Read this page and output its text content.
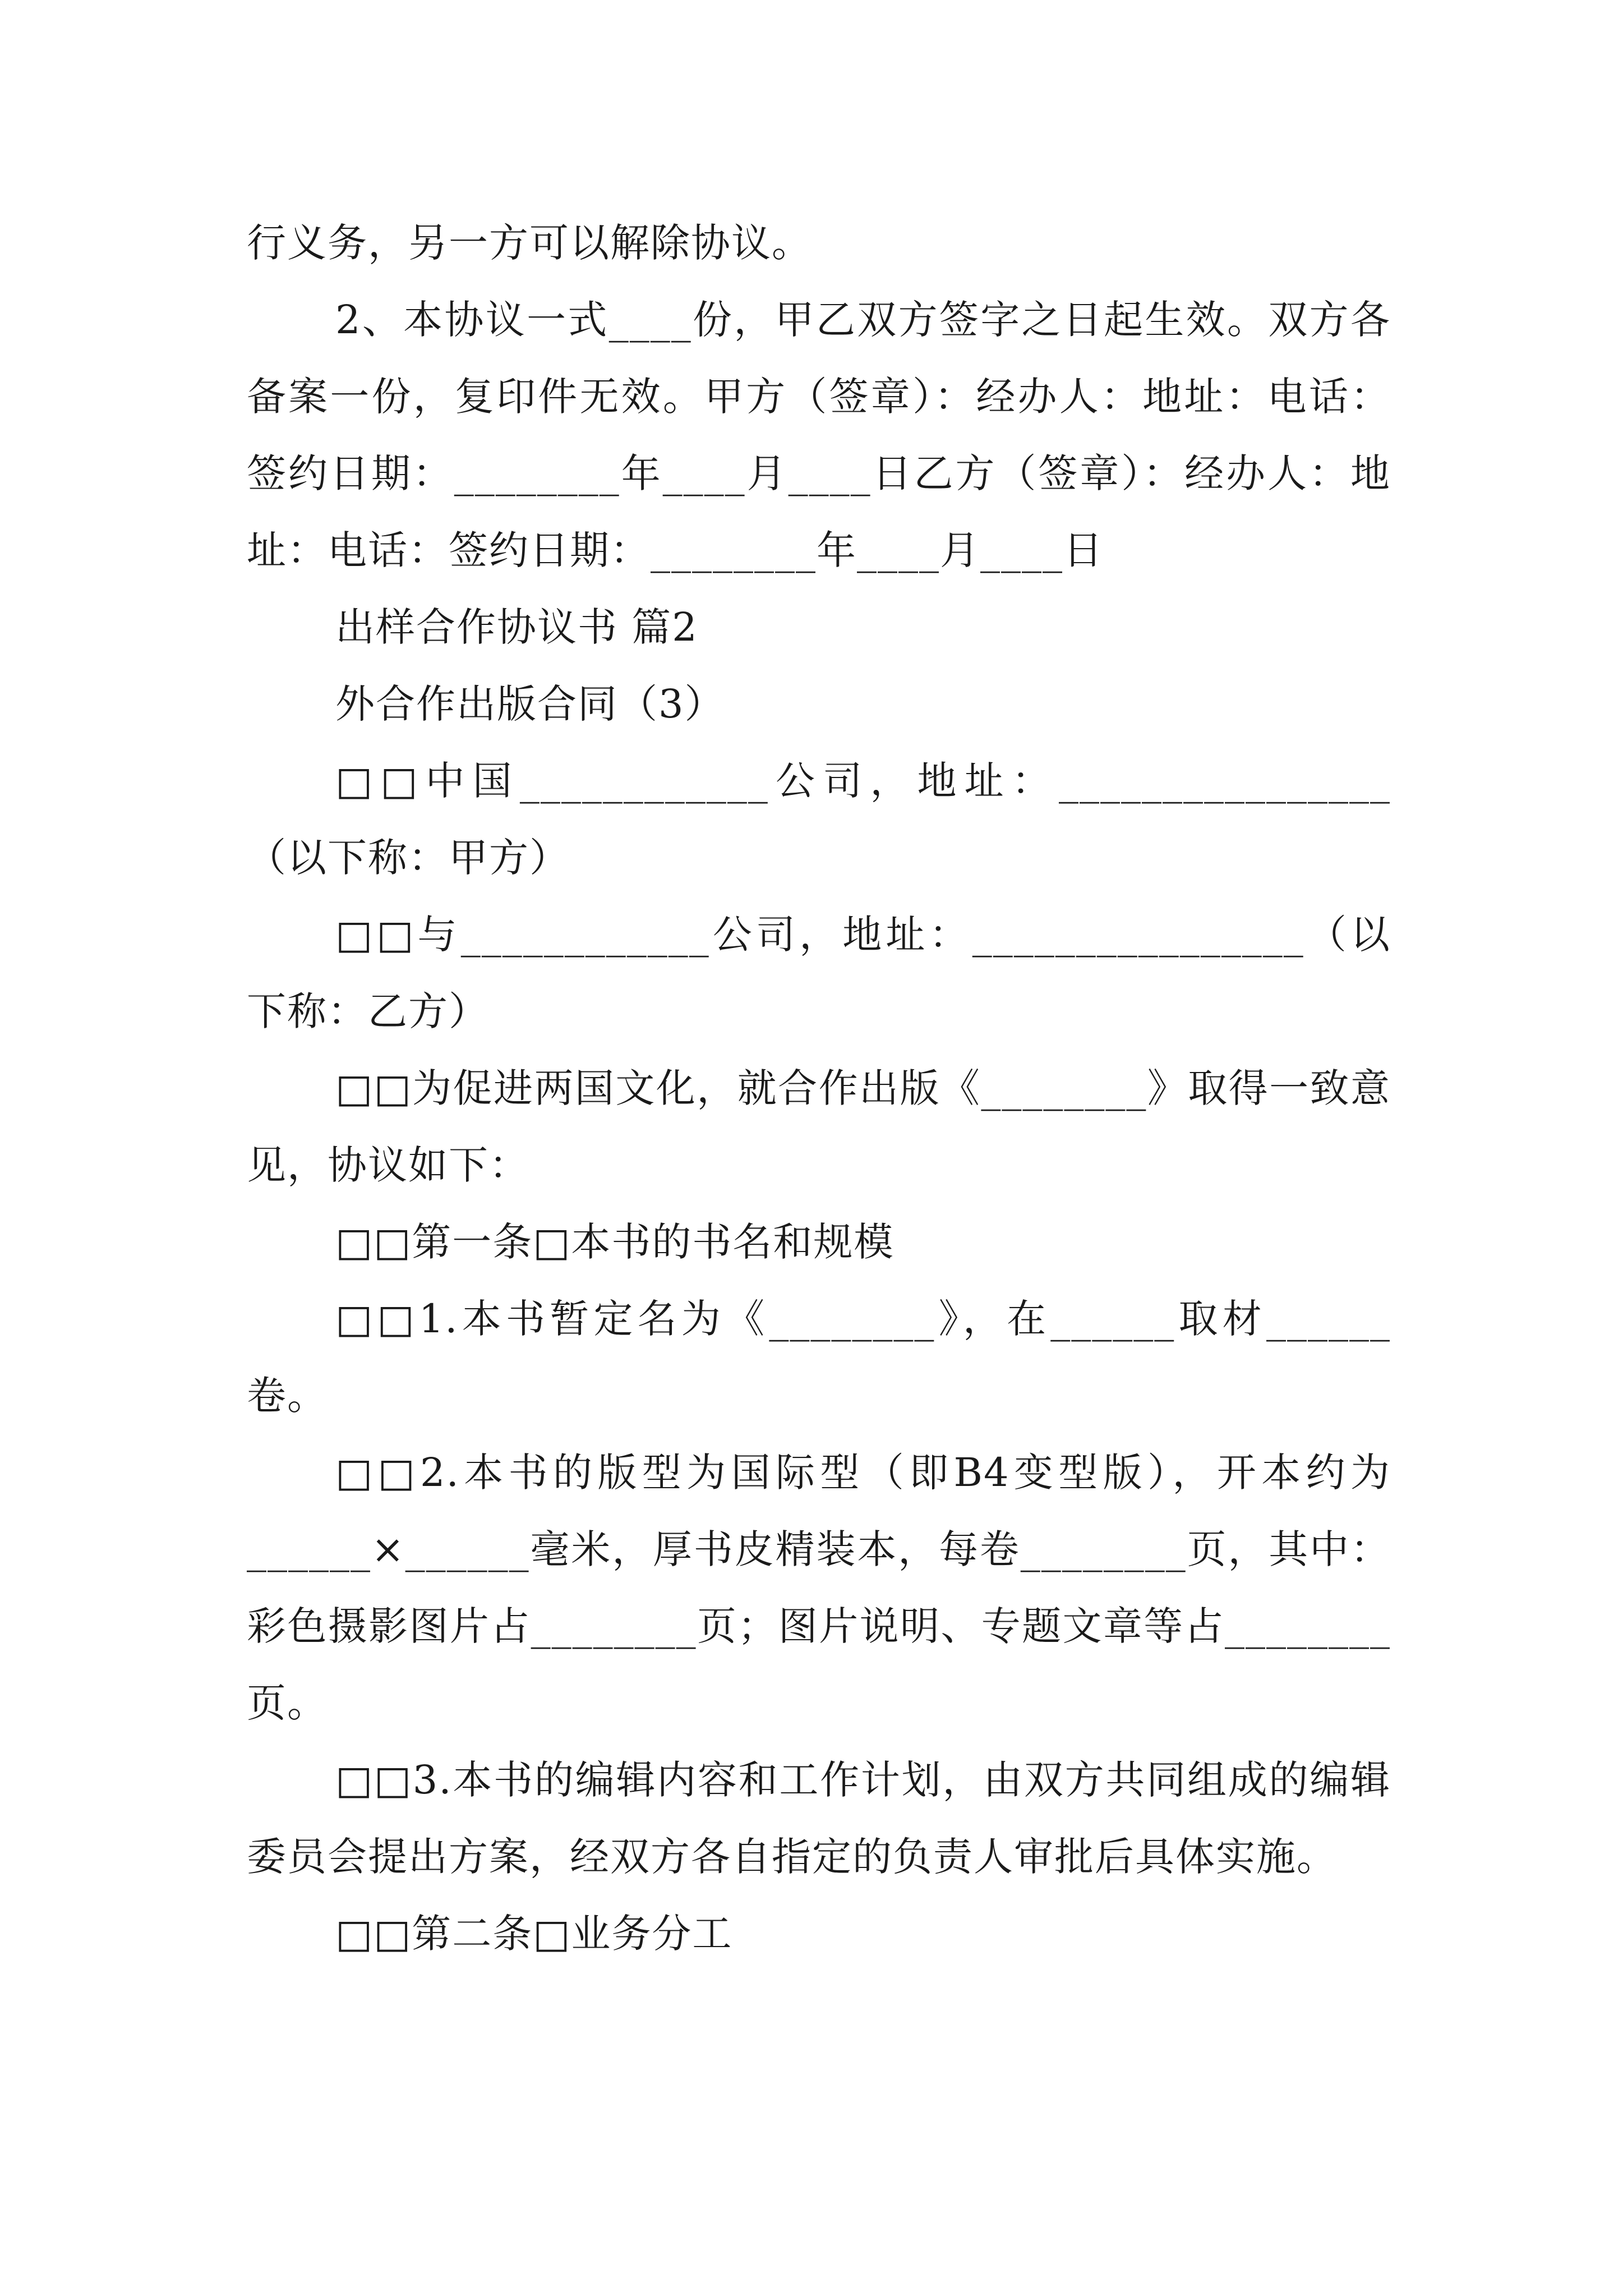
行义务，另一方可以解除协议。

2、本协议一式____份，甲乙双方签字之日起生效。双方各备案一份，复印件无效。甲方（签章）：经办人：地址：电话：签约日期：________年____月____日乙方（签章）：经办人：地址：电话：签约日期：________年____月____日

出样合作协议书 篇2

外合作出版合同（3）

□□中国____________公司，地址：________________（以下称：甲方）

□□与____________公司，地址：________________（以下称：乙方）

□□为促进两国文化，就合作出版《________》取得一致意见，协议如下：

□□第一条□本书的书名和规模

□□1.本书暂定名为《________》，在______取材______卷。

□□2.本书的版型为国际型（即B4变型版），开本约为______×______毫米，厚书皮精装本，每卷________页，其中：彩色摄影图片占________页；图片说明、专题文章等占________页。

□□3.本书的编辑内容和工作计划，由双方共同组成的编辑委员会提出方案，经双方各自指定的负责人审批后具体实施。

□□第二条□业务分工
